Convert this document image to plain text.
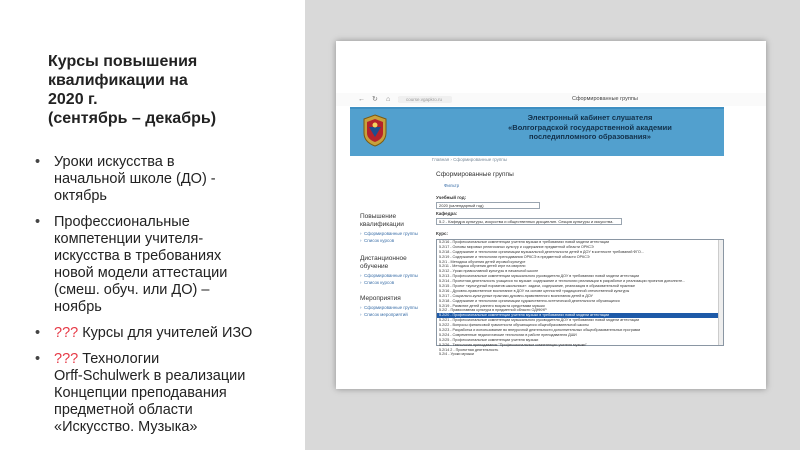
Курсы повышения
квалификации на
2020 г.
(сентябрь – декабрь)
• Уроки искусства в
начальной школе (ДО) -
октябрь
• Профессиональные
компетенции учителя-
искусства в требованиях
новой модели аттестации
(смеш. обуч. или ДО) –
ноябрь
• ??? Курсы для учителей ИЗО
• ??? Технологии
Orff-Schulwerk в реализации
Концепции преподавания
предметной области
«Искусство. Музыка»
← ↻ ⌂	course.vgapkro.ru	Сформированные группы
Электронный кабинет слушателя
«Волгоградской государственной академии
последипломного образования»
Главная › Сформированные группы
Повышение
квалификации
› Сформированные группы
› Список курсов
Дистанционное
обучение
› Сформированные группы
› Список курсов
Мероприятия
› Сформированные группы
› Список мероприятий
Сформированные группы
Фильтр
Учебный год:
2020 (календарный год)
Кафедра:
5.2 - Кафедра культуры, искусства и общественных дисциплин. Секция культуры и искусства.
Курс:
5.2/16 - Профессиональные компетенции учителя музыки в требованиях новой модели аттестации
5.2/17 - Основы мировых религиозных культур и содержание предметной области ОРКСЭ
5.2/18 - Содержание и технологии организации музыкальной деятельности детей в ДОУ в контексте требований ФГО...
5.2/19 - Содержание и технологии преподавания ОРКСЭ в предметной области ОРКСЭ
5.2/1 - Методика обучения детей игровой культуре
5.2/11 - Методика обучения детей игре на свирели
5.2/12 - Уроки православной культуры в начальной школе
5.2/13 - Профессиональные компетенции музыкального руководителя ДОУ в требованиях новой модели аттестации
5.2/14 - Проектная деятельность учащихся по музыке: содержание и технологии реализации в разработке и реализации проектов дополните...
5.2/15 - Проект «культурный норматив школьника»: задачи, содержание, реализация в образовательной практике
5.2/16 - Духовно-нравственное воспитание в ДОУ на основе ценностей традиционной отечественной культуры
5.2/17 - Социально-культурные практики духовно-нравственного воспитания детей в ДОУ
5.2/18 - Содержание и технологии организации художественно-эстетической деятельности обучающихся
5.2/19 - Развитие детей раннего возраста средствами музыки
5.2/2 - Православная культура в предметной области ОДНКНР
5.2/20 - Профессиональные компетенции учителя музыки в требованиях новой модели аттестации
5.2/21 - Профессиональные компетенции музыкального руководителя ДОУ в требованиях новой модели аттестации
5.2/22 - Вопросы финансовой грамотности обучающихся общеобразовательной школы
5.2/23 - Разработка и использование во внеурочной деятельности дополнительных общеобразовательных программ
5.2/24 - Современные педагогические технологии в работе преподавателя ДШИ
5.2/25 - Профессиональные компетенции учителя музыки
5.2/26 - Технология преподавания "Профессиональные компетенции учителя музыки"
5.2/14 2 - Проектная деятельность
5.2/4 - Уроки музыки
